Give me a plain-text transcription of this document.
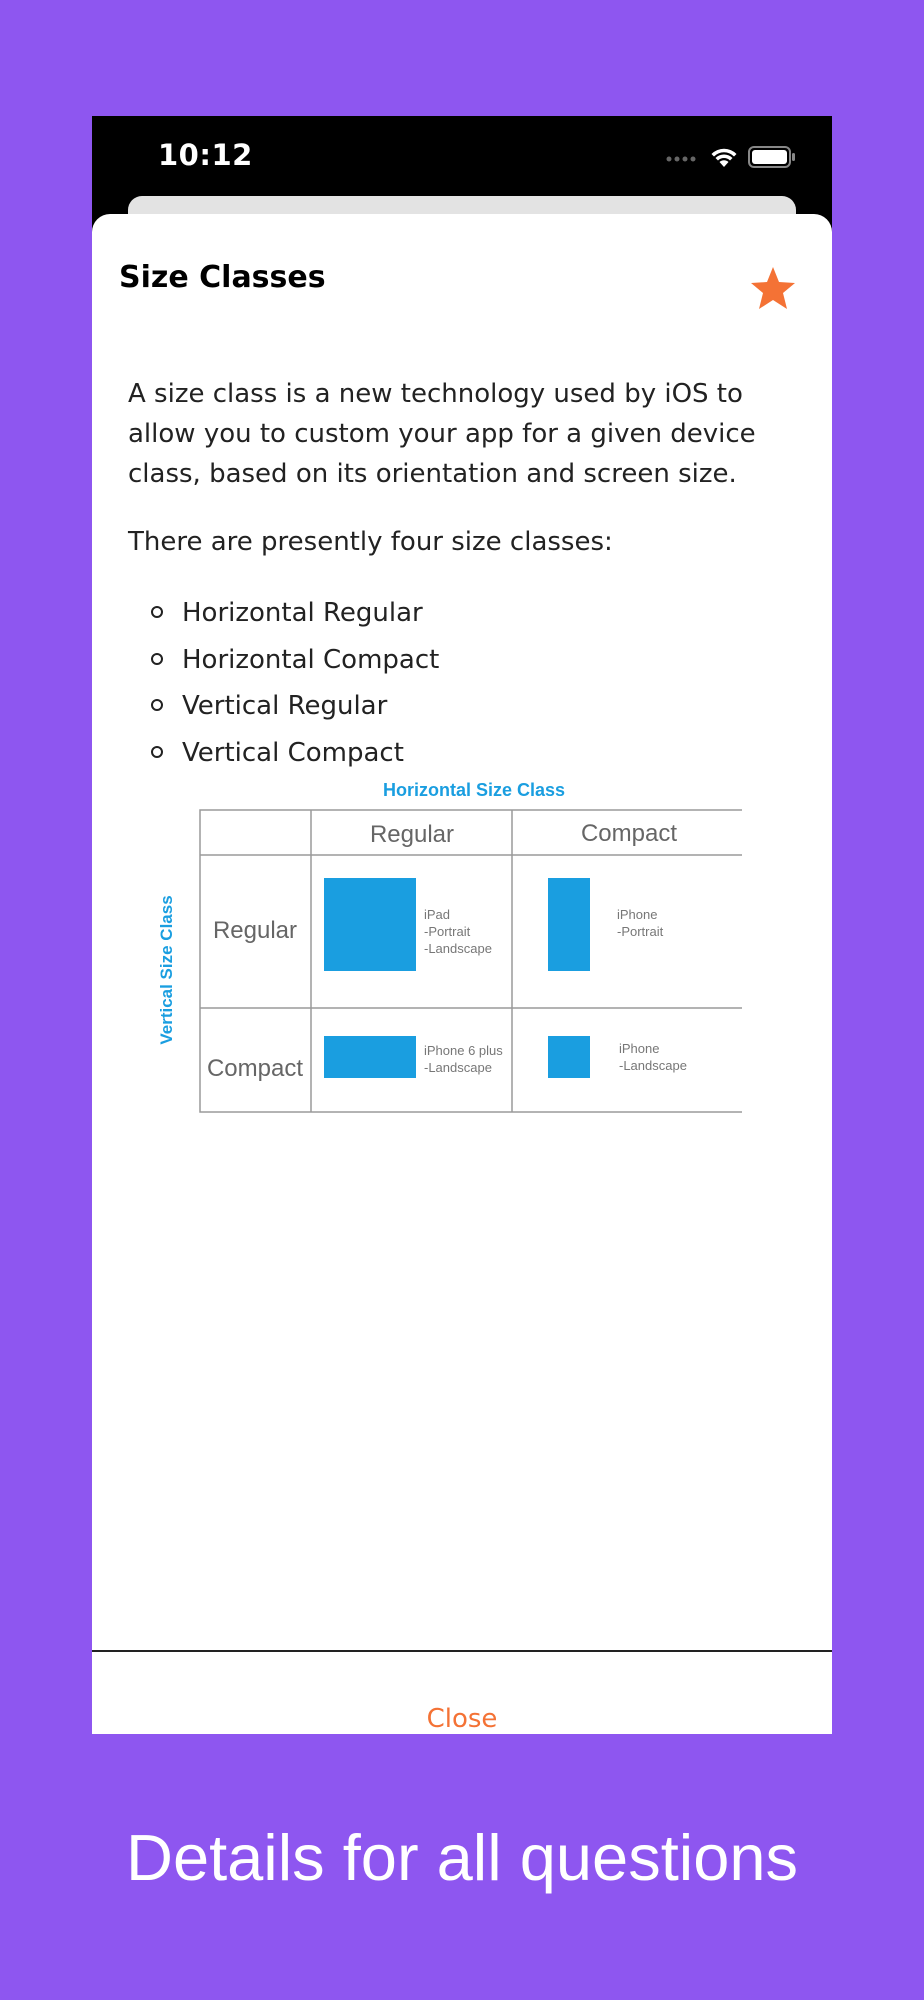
10:12
Size Classes

A size class is a new technology used by iOS to allow you to custom your app for a given device class, based on its orientation and screen size.

There are presently four size classes:

Horizontal Regular
Horizontal Compact
Vertical Regular
Vertical Compact
Horizontal Size Class
Vertical Size Class
Regular	Compact
Regular
Compact
iPad
-Portrait
-Landscape
iPhone
-Portrait
iPhone 6 plus
-Landscape
iPhone
-Landscape
Close
Details for all questions
